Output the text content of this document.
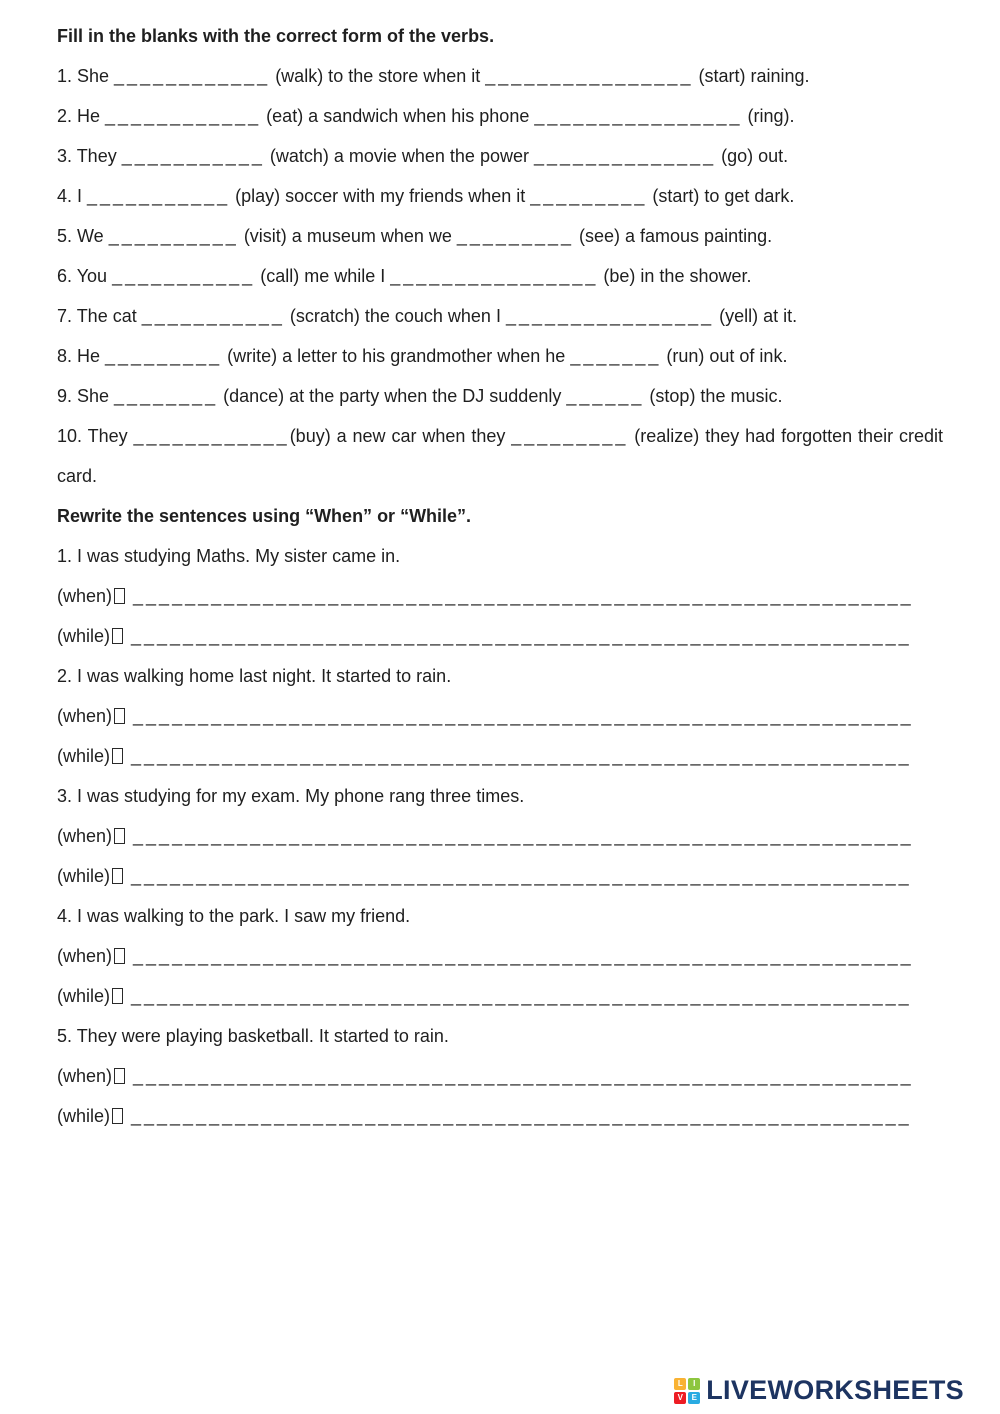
Fill in the blanks with the correct form of the verbs.

1. She ____________ (walk) to the store when it ________________ (start) raining.

2. He ____________ (eat) a sandwich when his phone ________________ (ring).

3. They ___________ (watch) a movie when the power ______________ (go) out.

4. I ___________ (play) soccer with my friends when it _________ (start) to get dark.

5. We __________ (visit) a museum when we _________ (see) a famous painting.

6. You ___________ (call) me while I ________________ (be) in the shower.

7. The cat ___________ (scratch) the couch when I ________________ (yell) at it.

8. He _________ (write) a letter to his grandmother when he _______ (run) out of ink.

9. She ________ (dance) at the party when the DJ suddenly ______ (stop) the music.

10. They ____________(buy) a new car when they _________ (realize) they had forgotten their credit card.

Rewrite the sentences using “When” or “While”.

1. I was studying Maths. My sister came in.

(when) ____________________________________________________________

(while) ____________________________________________________________

2. I was walking home last night. It started to rain.

(when) ____________________________________________________________

(while) ____________________________________________________________

3. I was studying for my exam. My phone rang three times.

(when) ____________________________________________________________

(while) ____________________________________________________________

4. I was walking to the park. I saw my friend.

(when) ____________________________________________________________

(while) ____________________________________________________________

5. They were playing basketball. It started to rain.

(when) ____________________________________________________________

(while) ____________________________________________________________

L	I
V	E LIVEWORKSHEETS
